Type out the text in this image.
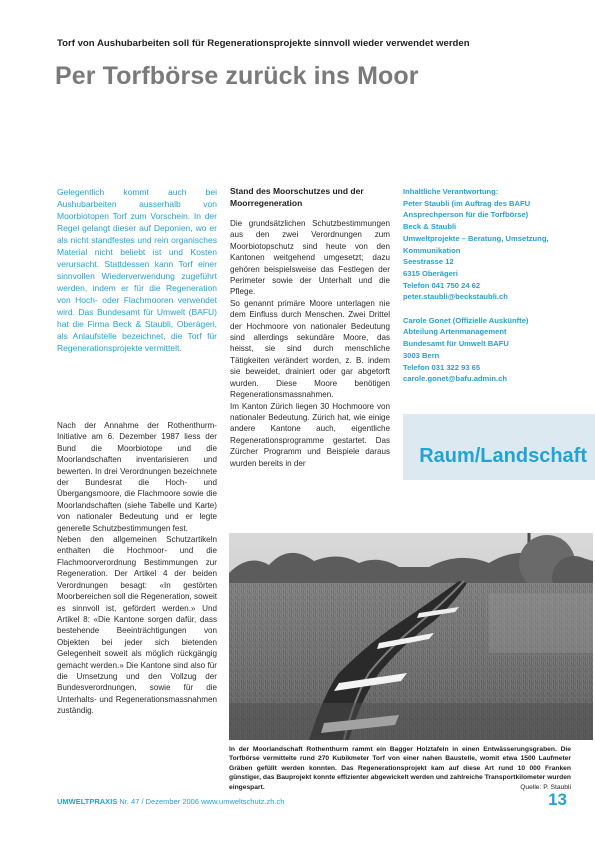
Torf von Aushubarbeiten soll für Regenerationsprojekte sinnvoll wieder verwendet werden
Per Torfbörse zurück ins Moor
Gelegentlich kommt auch bei Aushubarbeiten ausserhalb von Moorbiotopen Torf zum Vorschein. In der Regel gelangt dieser auf Deponien, wo er als nicht standfestes und rein organisches Material nicht beliebt ist und Kosten verursacht. Stattdessen kann Torf einer sinnvollen Wiederverwendung zugeführt werden, indem er für die Regeneration von Hoch- oder Flachmooren verwendet wird. Das Bundesamt für Umwelt (BAFU) hat die Firma Beck & Staubli, Oberägeri, als Anlaufstelle bezeichnet, die Torf für Regenerationsprojekte vermittelt.

Nach der Annahme der Rothenthurm-Initiative am 6. Dezember 1987 liess der Bund die Moorbiotope und die Moorlandschaften inventarisieren und bewerten. In drei Verordnungen bezeichnete der Bundesrat die Hoch- und Übergangsmoore, die Flachmoore sowie die Moorlandschaften (siehe Tabelle und Karte) von nationaler Bedeutung und er legte generelle Schutzbestimmungen fest.

Neben den allgemeinen Schutzartikeln enthalten die Hochmoor- und die Flachmoorverordnung Bestimmungen zur Regeneration. Der Artikel 4 der beiden Verordnungen besagt: «In gestörten Moorbereichen soll die Regeneration, soweit es sinnvoll ist, gefördert werden.» Und Artikel 8: «Die Kantone sorgen dafür, dass bestehende Beeinträchtigungen von Objekten bei jeder sich bietenden Gelegenheit soweit als möglich rückgängig gemacht werden.» Die Kantone sind also für die Umsetzung und den Vollzug der Bundesverordnungen, sowie für die Unterhalts- und Regenerationsmassnahmen zuständig.

Stand des Moorschutzes und der Moorregeneration

Die grundsätzlichen Schutzbestimmungen aus den zwei Verordnungen zum Moorbiotopschutz sind heute von den Kantonen weitgehend umgesetzt; dazu gehören beispielsweise das Festlegen der Perimeter sowie der Unterhalt und die Pflege.

So genannt primäre Moore unterlagen nie dem Einfluss durch Menschen. Zwei Drittel der Hochmoore von nationaler Bedeutung sind allerdings sekundäre Moore, das heisst, sie sind durch menschliche Tätigkeiten verändert worden, z. B. indem sie beweidet, drainiert oder gar abgetorft wurden. Diese Moore benötigen Regenerationsmassnahmen.

Im Kanton Zürich liegen 30 Hochmoore von nationaler Bedeutung. Zürich hat, wie einige andere Kantone auch, eigentliche Regenerationsprogramme gestartet. Das Zürcher Programm und Beispiele daraus wurden bereits in der

Inhaltliche Verantwortung:
Peter Staubli (im Auftrag des BAFU
Ansprechperson für die Torfbörse)
Beck & Staubli
Umweltprojekte – Beratung, Umsetzung,
Kommunikation
Seestrasse 12
6315 Oberägeri
Telefon 041 750 24 62
peter.staubli@beckstaubli.ch
Carole Gonet (Offizielle Auskünfte)
Abteilung Artenmanagement
Bundesamt für Umwelt BAFU
3003 Bern
Telefon 031 322 93 65
carole.gonet@bafu.admin.ch
Raum/Landschaft
In der Moorlandschaft Rothenthurm rammt ein Bagger Holztafeln in einen Entwässerungsgraben. Die Torfbörse vermittelte rund 270 Kubikmeter Torf von einer nahen Baustelle, womit etwa 1500 Laufmeter Gräben gefüllt werden konnten. Das Regenerationsprojekt kam auf diese Art rund 10 000 Franken günstiger, das Bauprojekt konnte effizienter abgewickelt werden und zahlreiche Transportkilometer wurden eingespart.	Quelle: P. Staubli
UMWELTPRAXIS Nr. 47 / Dezember 2006 www.umweltschutz.zh.ch	13
